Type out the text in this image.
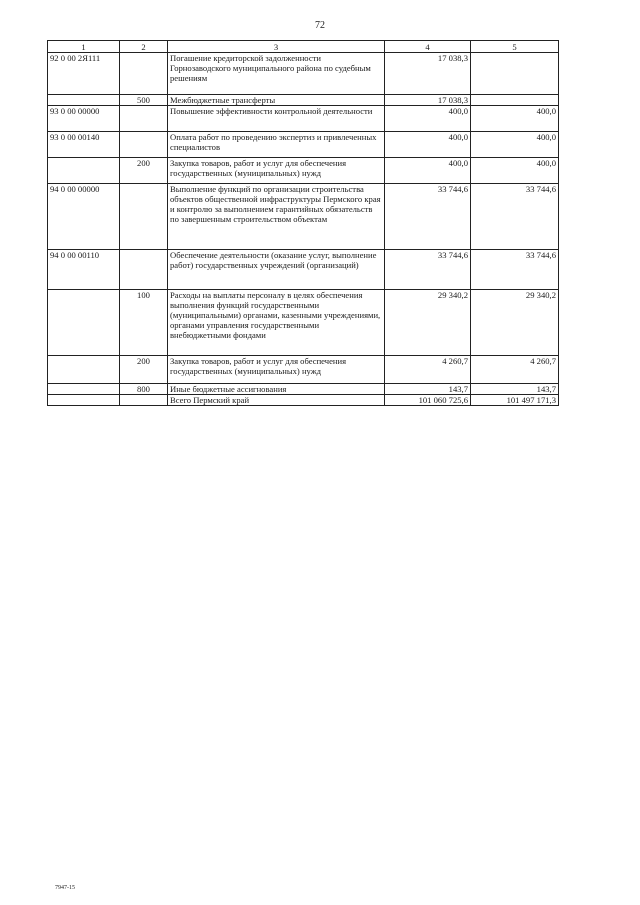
72
1	2	3	4	5
92 0 00 2Я111		Погашение кредиторской задолженности Горнозаводского муниципального района по судебным решениям	17 038,3	
	500	Межбюджетные трансферты	17 038,3	
93 0 00 00000		Повышение эффективности контрольной деятельности	400,0	400,0
93 0 00 00140		Оплата работ по проведению экспертиз и привлеченных специалистов	400,0	400,0
	200	Закупка товаров, работ и услуг для обеспечения государственных (муниципальных) нужд	400,0	400,0
94 0 00 00000		Выполнение функций по организации строительства объектов общественной инфраструктуры Пермского края и контролю за выполнением гарантийных обязательств по завершенным строительством объектам	33 744,6	33 744,6
94 0 00 00110		Обеспечение деятельности (оказание услуг, выполнение работ) государственных учреждений (организаций)	33 744,6	33 744,6
	100	Расходы на выплаты персоналу в целях обеспечения выполнения функций государственными (муниципальными) органами, казенными учреждениями, органами управления государственными внебюджетными фондами	29 340,2	29 340,2
	200	Закупка товаров, работ и услуг для обеспечения государственных (муниципальных) нужд	4 260,7	4 260,7
	800	Иные бюджетные ассигнования	143,7	143,7
		Всего Пермский край	101 060 725,6	101 497 171,3
7947-15
